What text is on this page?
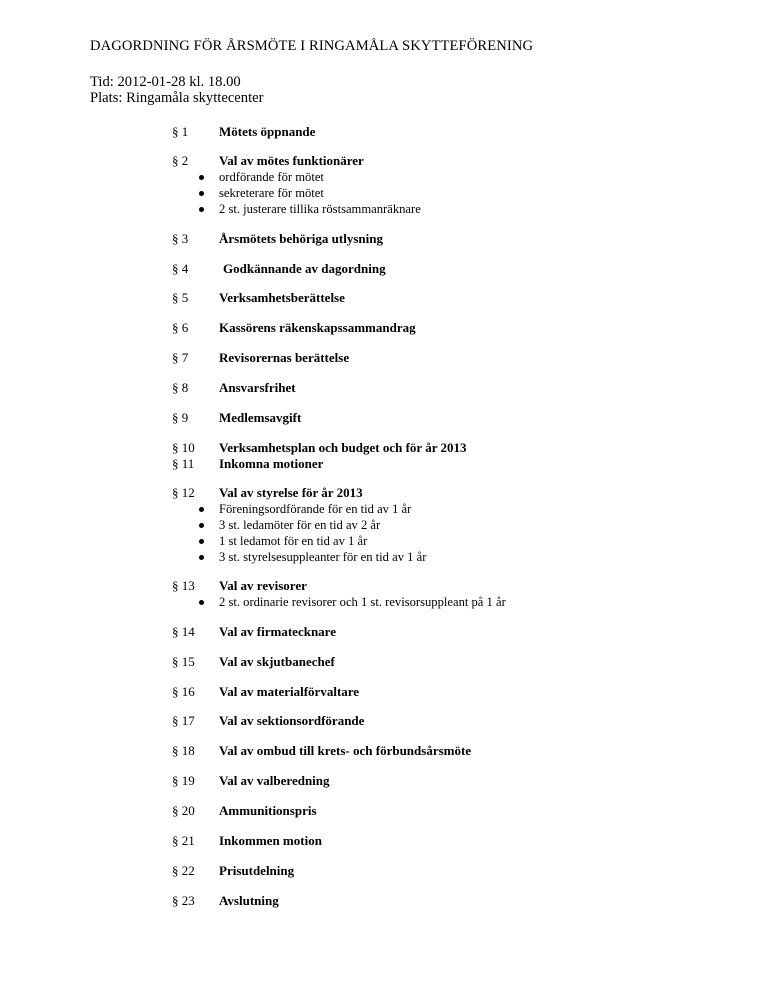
DAGORDNING FÖR ÅRSMÖTE I RINGAMÅLA SKYTTEFÖRENING
Tid: 2012-01-28 kl. 18.00
Plats: Ringamåla skyttecenter
§ 1 Mötets öppnande
§ 2 Val av mötes funktionärer
ordförande för mötet
sekreterare för mötet
2 st. justerare tillika röstsammanräknare
§ 3 Årsmötets behöriga utlysning
§ 4	Godkännande av dagordning
§ 5 Verksamhetsberättelse
§ 6 Kassörens räkenskapssammandrag
§ 7 Revisorernas berättelse
§ 8 Ansvarsfrihet
§ 9 Medlemsavgift
§ 10 Verksamhetsplan och budget och för år 2013
§ 11 Inkomna motioner
§ 12 Val av styrelse för år 2013
Föreningsordförande för en tid av 1 år
3 st. ledamöter för en tid av 2 år
1 st ledamot för en tid av 1 år
3 st. styrelsesuppleanter för en tid av 1 år
§ 13 Val av revisorer
2 st. ordinarie revisorer och 1 st. revisorsuppleant på 1 år
§ 14 Val av firmatecknare
§ 15 Val av skjutbanechef
§ 16 Val av materialförvaltare
§ 17 Val av sektionsordförande
§ 18 Val av ombud till krets- och förbundsårsmöte
§ 19 Val av valberedning
§ 20 Ammunitionspris
§ 21 Inkommen motion
§ 22 Prisutdelning
§ 23 Avslutning
